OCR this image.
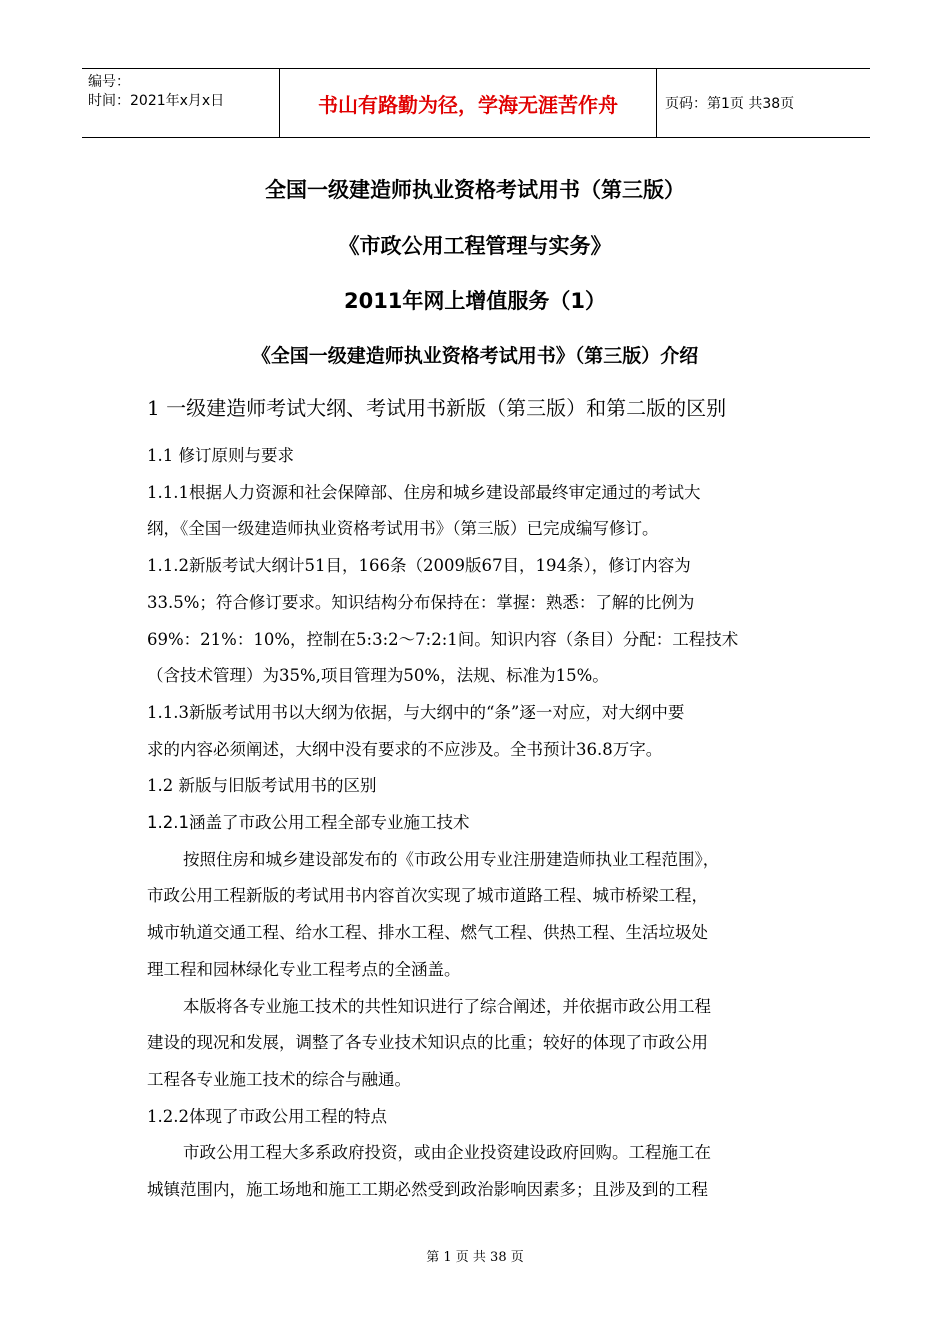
编号：
时间：2021年x月x日	书山有路勤为径，学海无涯苦作舟	页码：第1页 共38页
全国一级建造师执业资格考试用书（第三版）
《市政公用工程管理与实务》
2011年网上增值服务（1）
《全国一级建造师执业资格考试用书》（第三版）介绍
1 一级建造师考试大纲、考试用书新版（第三版）和第二版的区别

1.1 修订原则与要求

1.1.1根据人力资源和社会保障部、住房和城乡建设部最终审定通过的考试大

纲，《全国一级建造师执业资格考试用书》（第三版）已完成编写修订。

1.1.2新版考试大纲计51目，166条（2009版67目，194条），修订内容为

33.5%；符合修订要求。知识结构分布保持在：掌握：熟悉：了解的比例为

69%：21%：10%，控制在5:3:2～7:2:1间。知识内容（条目）分配：工程技术

（含技术管理）为35%,项目管理为50%，法规、标准为15%。

1.1.3新版考试用书以大纲为依据，与大纲中的“条”逐一对应，对大纲中要

求的内容必须阐述，大纲中没有要求的不应涉及。全书预计36.8万字。

1.2 新版与旧版考试用书的区别

1.2.1涵盖了市政公用工程全部专业施工技术

按照住房和城乡建设部发布的《市政公用专业注册建造师执业工程范围》，

市政公用工程新版的考试用书内容首次实现了城市道路工程、城市桥梁工程，

城市轨道交通工程、给水工程、排水工程、燃气工程、供热工程、生活垃圾处

理工程和园林绿化专业工程考点的全涵盖。

本版将各专业施工技术的共性知识进行了综合阐述，并依据市政公用工程

建设的现况和发展，调整了各专业技术知识点的比重；较好的体现了市政公用

工程各专业施工技术的综合与融通。

1.2.2体现了市政公用工程的特点

市政公用工程大多系政府投资，或由企业投资建设政府回购。工程施工在

城镇范围内，施工场地和施工工期必然受到政治影响因素多；且涉及到的工程

第 1 页 共 38 页
